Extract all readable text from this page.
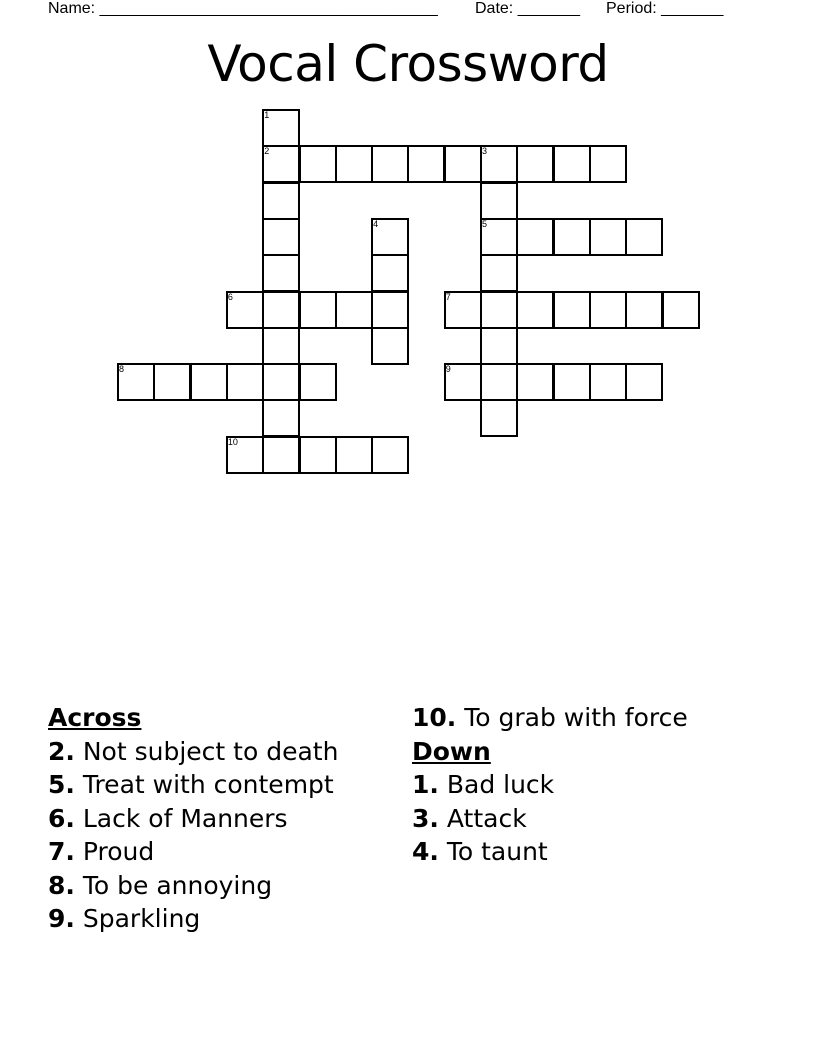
Name: ______________________________________ Date: _______ Period: _______
Vocal Crossword
1
2	3
5
4
6	7
8	9
10
Across
2. Not subject to death
5. Treat with contempt
6. Lack of Manners
7. Proud
8. To be annoying
9. Sparkling
10. To grab with force
Down
1. Bad luck
3. Attack
4. To taunt
